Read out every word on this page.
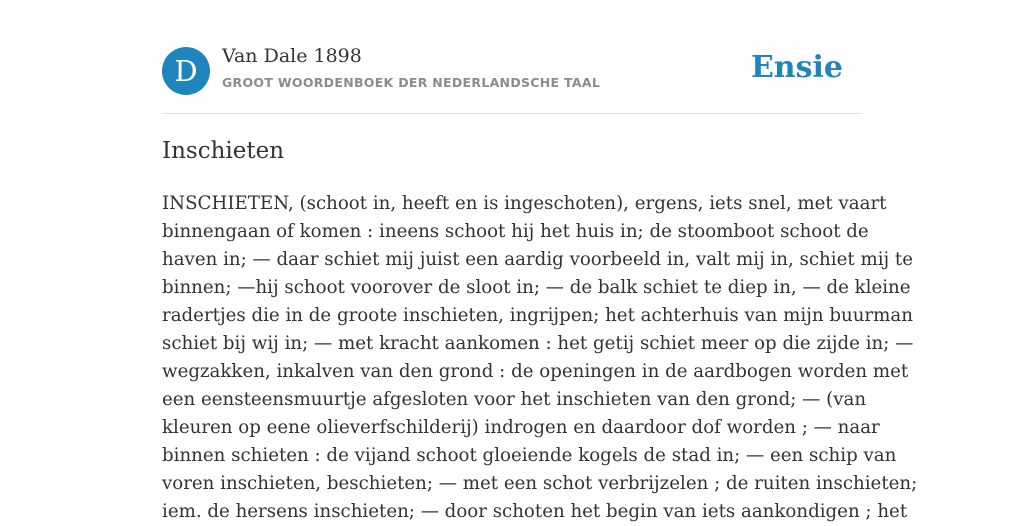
D	Van Dale 1898
GROOT WOORDENBOEK DER NEDERLANDSCHE TAAL	Ensie
Inschieten
INSCHIETEN, (schoot in, heeft en is ingeschoten), ergens, iets snel, met vaart
binnengaan of komen : ineens schoot hij het huis in; de stoomboot schoot de
haven in; — daar schiet mij juist een aardig voorbeeld in, valt mij in, schiet mij te
binnen; —hij schoot voorover de sloot in; — de balk schiet te diep in, — de kleine
radertjes die in de groote inschieten, ingrijpen; het achterhuis van mijn buurman
schiet bij wij in; — met kracht aankomen : het getij schiet meer op die zijde in; —
wegzakken, inkalven van den grond : de openingen in de aardbogen worden met
een eensteensmuurtje afgesloten voor het inschieten van den grond; — (van
kleuren op eene olieverfschilderij) indrogen en daardoor dof worden ; — naar
binnen schieten : de vijand schoot gloeiende kogels de stad in; — een schip van
voren inschieten, beschieten; — met een schot verbrijzelen ; de ruiten inschieten;
iem. de hersens inschieten; — door schoten het begin van iets aankondigen ; het
